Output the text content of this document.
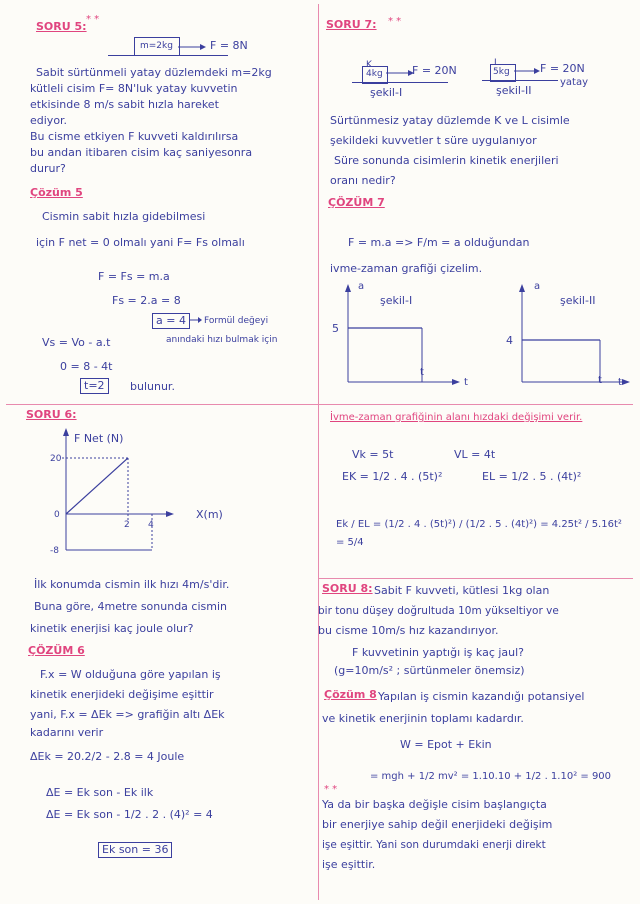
SORU 5:
* *
m=2kg	F = 8N
Sabit sürtünmeli yatay düzlemdeki m=2kg
kütleli cisim F= 8N'luk yatay kuvvetin
etkisinde 8 m/s sabit hızla hareket
ediyor.
Bu cisme etkiyen F kuvveti kaldırılırsa
bu andan itibaren cisim kaç saniyesonra
durur?
Çözüm 5
Cismin sabit hızla gidebilmesi
için F net = 0 olmalı yani F= Fs olmalı
F = Fs = m.a
Fs = 2.a = 8
a = 4	Formül değeyi
Vs = Vo - a.t	anındaki hızı bulmak için
0 = 8 - 4t
t=2	bulunur.
SORU 6:
F Net (N)
20
-8
0
2 4
X(m)
İlk konumda cismin ilk hızı 4m/s'dir.
Buna göre, 4metre sonunda cismin
kinetik enerjisi kaç joule olur?
ÇÖZÜM 6
F.x = W olduğuna göre yapılan iş
kinetik enerjideki değişime eşittir
yani, F.x = ΔEk => grafiğin altı ΔEk
kadarını verir
ΔEk = 20.2/2 - 2.8 = 4 Joule
ΔE = Ek son - Ek ilk
ΔE = Ek son - 1/2 . 2 . (4)² = 4
Ek son = 36
SORU 7: * *
K
4kg	F = 20N
şekil-I
L
5kg	F = 20N
yatay
şekil-II
Sürtünmesiz yatay düzlemde K ve L cisimle
şekildeki kuvvetler t süre uygulanıyor
Süre sonunda cisimlerin kinetik enerjileri
oranı nedir?
ÇÖZÜM 7
F = m.a => F/m = a olduğundan
ivme-zaman grafiği çizelim.
a
şekil-I
5
t
t
a
şekil-II
4
t t
İvme-zaman grafiğinin alanı hızdaki değişimi verir.
Vk = 5t	VL = 4t
EK = 1/2 . 4 . (5t)²	EL = 1/2 . 5 . (4t)²
Ek / EL = (1/2 . 4 . (5t)²) / (1/2 . 5 . (4t)²) = 4.25t² / 5.16t² = 5/4
SORU 8: Sabit F kuvveti, kütlesi 1kg olan
bir tonu düşey doğrultuda 10m yükseltiyor ve
bu cisme 10m/s hız kazandırıyor.
F kuvvetinin yaptığı iş kaç jaul?
(g=10m/s² ; sürtünmeler önemsiz)
Çözüm 8 Yapılan iş cismin kazandığı potansiyel
ve kinetik enerjinin toplamı kadardır.
W = Epot + Ekin
= mgh + 1/2 mv² = 1.10.10 + 1/2 . 1.10² = 900
* *
Ya da bir başka değişle cisim başlangıçta
bir enerjiye sahip değil enerjideki değişim
işe eşittir. Yani son durumdaki enerji direkt
işe eşittir.
